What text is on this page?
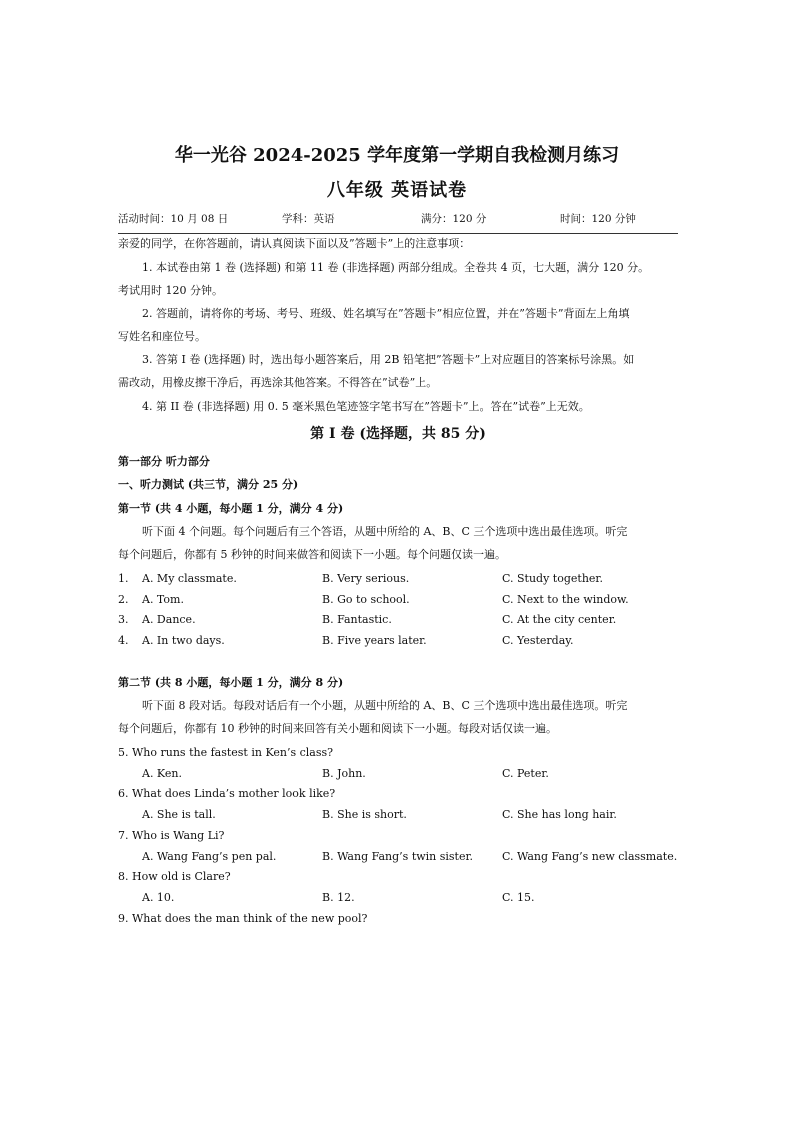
华一光谷 2024-2025 学年度第一学期自我检测月练习
八年级 英语试卷
活动时间：10 月 08 日	学科：英语	满分：120 分	时间：120 分钟
亲爱的同学，在你答题前，请认真阅读下面以及”答题卡”上的注意事项：
1. 本试卷由第 1 卷 (选择题) 和第 11 卷 (非选择题) 两部分组成。全卷共 4 页，七大题，满分 120 分。
考试用时 120 分钟。
2. 答题前，请将你的考场、考号、班级、姓名填写在”答题卡”相应位置，并在”答题卡”背面左上角填
写姓名和座位号。
3. 答第 I 卷 (选择题) 时，选出每小题答案后，用 2B 铅笔把”答题卡”上对应题目的答案标号涂黑。如
需改动，用橡皮擦干净后，再选涂其他答案。不得答在”试卷”上。
4. 第 II 卷 (非选择题) 用 0. 5 毫米黑色笔迹签字笔书写在”答题卡”上。答在”试卷”上无效。
第 I 卷 (选择题，共 85 分)
第一部分 听力部分
一、听力测试 (共三节，满分 25 分)
第一节 (共 4 小题，每小题 1 分，满分 4 分)
听下面 4 个问题。每个问题后有三个答语，从题中所给的 A、B、C 三个选项中选出最佳选项。听完
每个问题后，你都有 5 秒钟的时间来做答和阅读下一小题。每个问题仅读一遍。
1. A. My classmate.	B. Very serious.	C. Study together.
2. A. Tom.	B. Go to school.	C. Next to the window.
3. A. Dance.	B. Fantastic.	C. At the city center.
4. A. In two days.	B. Five years later.	C. Yesterday.
第二节 (共 8 小题，每小题 1 分，满分 8 分)
听下面 8 段对话。每段对话后有一个小题，从题中所给的 A、B、C 三个选项中选出最佳选项。听完
每个问题后，你都有 10 秒钟的时间来回答有关小题和阅读下一小题。每段对话仅读一遍。
5. Who runs the fastest in Ken’s class?
A. Ken.	B. John.	C. Peter.
6. What does Linda’s mother look like?
A. She is tall.	B. She is short.	C. She has long hair.
7. Who is Wang Li?
A. Wang Fang’s pen pal.	B. Wang Fang’s twin sister.	C. Wang Fang’s new classmate.
8. How old is Clare?
A. 10.	B. 12.	C. 15.
9. What does the man think of the new pool?
